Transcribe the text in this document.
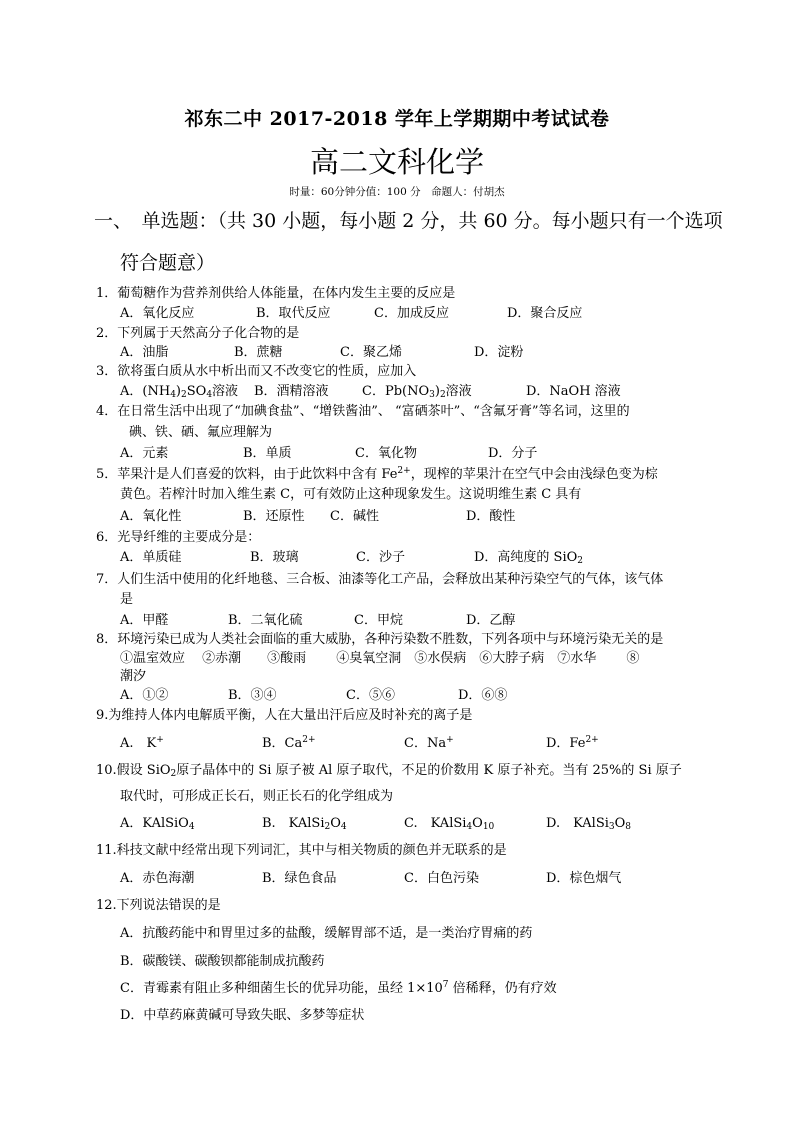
祁东二中 2017-2018 学年上学期期中考试试卷
高二文科化学
时量：60分钟分值：100 分　命题人：付胡杰
一、　单选题：（共 30 小题，每小题 2 分，共 60 分。每小题只有一个选项
符合题意）
1．葡萄糖作为营养剂供给人体能量，在体内发生主要的反应是
A．氧化反应	B．取代反应	C．加成反应	D．聚合反应
2．下列属于天然高分子化合物的是
A．油脂	B．蔗糖	C．聚乙烯	D．淀粉
3．欲将蛋白质从水中析出而又不改变它的性质，应加入
A．$(NH_4)_2SO_4$溶液 B．酒精溶液	C．$Pb(NO_3)_2$溶液	D．NaOH 溶液
4．在日常生活中出现了“加碘食盐”、“增铁酱油”、 “富硒茶叶”、“含氟牙膏”等名词，这里的
碘、铁、硒、氟应理解为
A．元素	B．单质	C．氧化物	D．分子
5．苹果汁是人们喜爱的饮料，由于此饮料中含有 $Fe^{2+}$，现榨的苹果汁在空气中会由浅绿色变为棕
黄色。若榨汁时加入维生素 C，可有效防止这种现象发生。这说明维生素 C 具有
A．氧化性	B．还原性 C．碱性	D．酸性
6．光导纤维的主要成分是：
A．单质硅	B．玻璃	C．沙子	D．高纯度的 SiO$_2$
7．人们生活中使用的化纤地毯、三合板、油漆等化工产品，会释放出某种污染空气的气体，该气体
是
A．甲醛	B．二氧化硫	C．甲烷	D．乙醇
8．环境污染已成为人类社会面临的重大威胁，各种污染数不胜数，下列各项中与环境污染无关的是
①温室效应　 ②赤潮　　③酸雨　　 ④臭氧空洞　⑤水俣病　⑥大脖子病　⑦水华　　 ⑧
潮汐
A．①②	B．③④	C．⑤⑥	D．⑥⑧
9.为维持人体内电解质平衡，人在大量出汗后应及时补充的离子是
A.　K+	B．$Ca^{2+}$	C．Na+	D．$Fe^{2+}$
10.假设 SiO$_2$原子晶体中的 Si 原子被 Al 原子取代，不足的价数用 K 原子补充。当有 25%的 Si 原子
取代时，可形成正长石，则正长石的化学组成为
A．KAlSiO$_4$	B.　$KAlSi_2O_4$	C.　$KAlSi_4O_{10}$	D.　$KAlSi_3O_8$
11.科技文献中经常出现下列词汇，其中与相关物质的颜色并无联系的是
A．赤色海潮	B．绿色食品	C．白色污染	D．棕色烟气
12.下列说法错误的是
A．抗酸药能中和胃里过多的盐酸，缓解胃部不适，是一类治疗胃痛的药
B．碳酸镁、碳酸钡都能制成抗酸药
C．青霉素有阻止多种细菌生长的优异功能，虽经 $1\times 10^7$ 倍稀释，仍有疗效
D．中草药麻黄碱可导致失眠、多梦等症状
